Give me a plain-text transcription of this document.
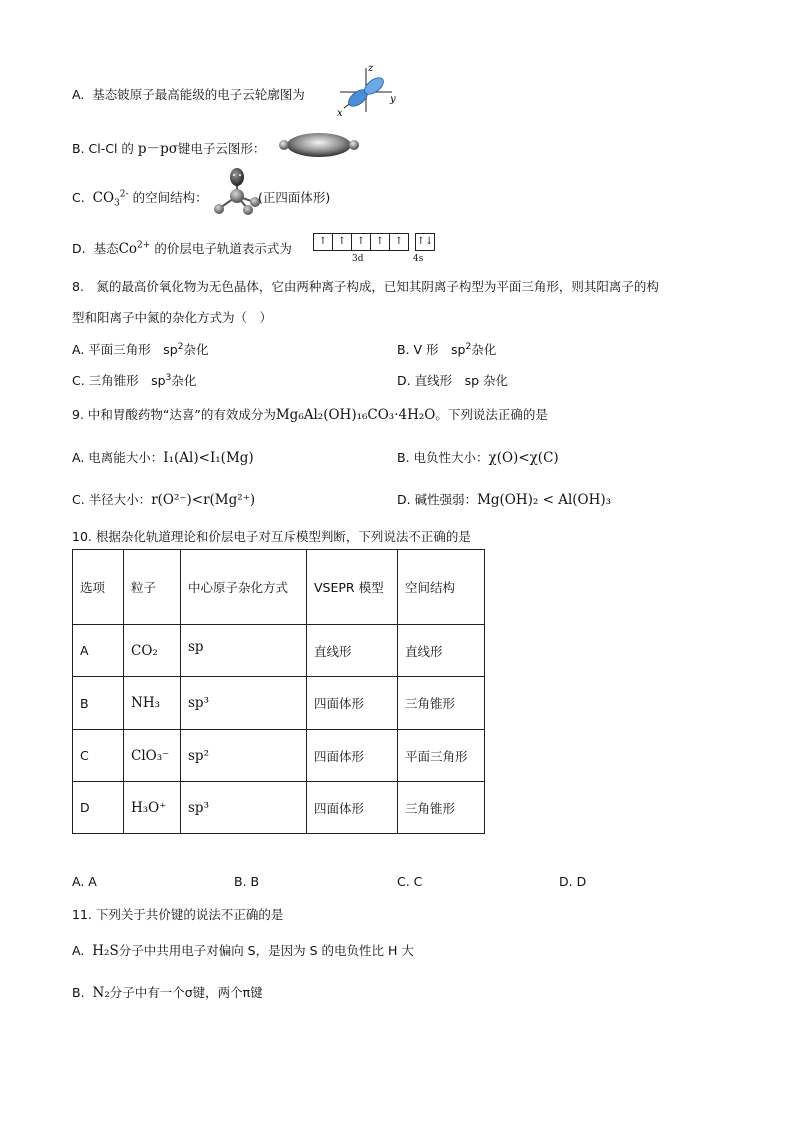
A. 基态铍原子最高能级的电子云轮廓图为
z
y
x
B. Cl-Cl 的 p－pσ键电子云图形：
C. $CO_3^{2-}$ 的空间结构：	(正四面体形)
D. 基态$Co^{2+}$ 的价层电子轨道表示式为	↑ ↑ ↑ ↑ ↑ ↑↓
3d	4s
8.　氮的最高价氧化物为无色晶体，它由两种离子构成，已知其阴离子构型为平面三角形，则其阳离子的构
型和阳离子中氮的杂化方式为（　）
A. 平面三角形　$sp^2$杂化	B. V 形　$sp^2$杂化
C. 三角锥形　$sp^3$杂化	D. 直线形　sp 杂化
9. 中和胃酸药物“达喜”的有效成分为Mg₆Al₂(OH)₁₆CO₃·4H₂O。下列说法正确的是
A. 电离能大小：I₁(Al)<I₁(Mg)	B. 电负性大小：χ(O)<χ(C)
C. 半径大小：r(O²⁻)<r(Mg²⁺)	D. 碱性强弱：Mg(OH)₂ < Al(OH)₃
10. 根据杂化轨道理论和价层电子对互斥模型判断，下列说法不正确的是
选项	粒子	中心原子杂化方式	VSEPR 模型	空间结构
A	CO₂	sp	直线形	直线形
B	NH₃	sp³	四面体形	三角锥形
C	ClO₃⁻	sp²	四面体形	平面三角形
D	H₃O⁺	sp³	四面体形	三角锥形
A. A	B. B	C. C	D. D
11. 下列关于共价键的说法不正确的是
A. H₂S分子中共用电子对偏向 S，是因为 S 的电负性比 H 大
B. N₂分子中有一个σ键，两个π键
